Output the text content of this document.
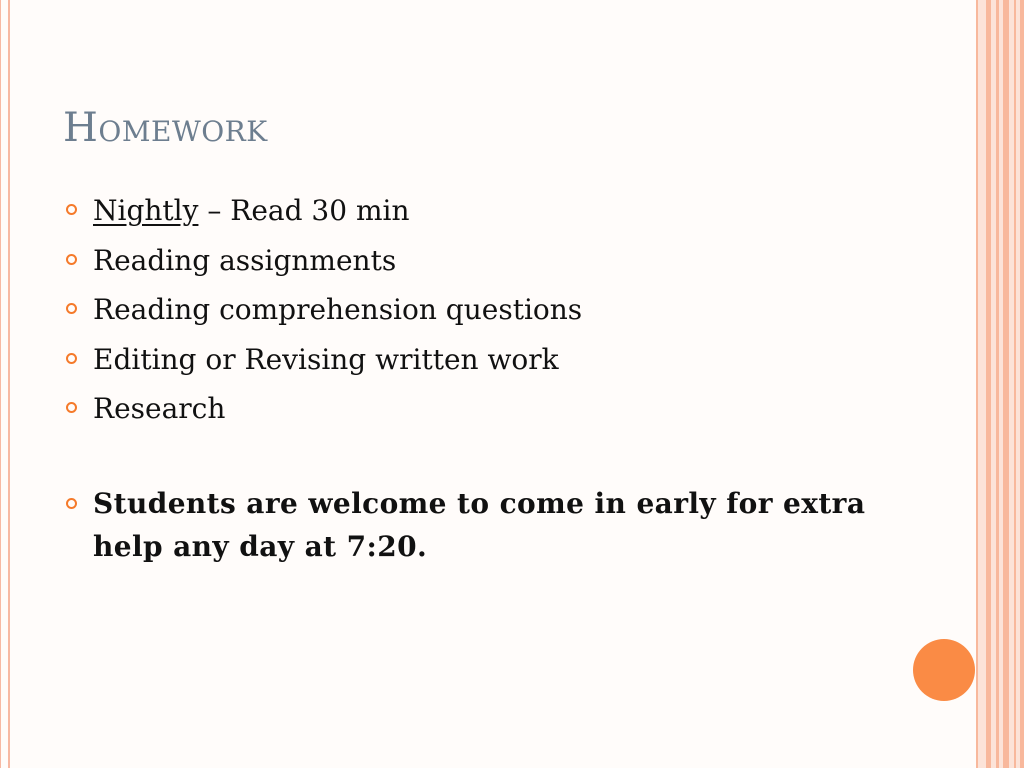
Homework
Nightly – Read 30 min
Reading assignments
Reading comprehension questions
Editing or Revising written work
Research
Students are welcome to come in early for extra help any day at 7:20.
